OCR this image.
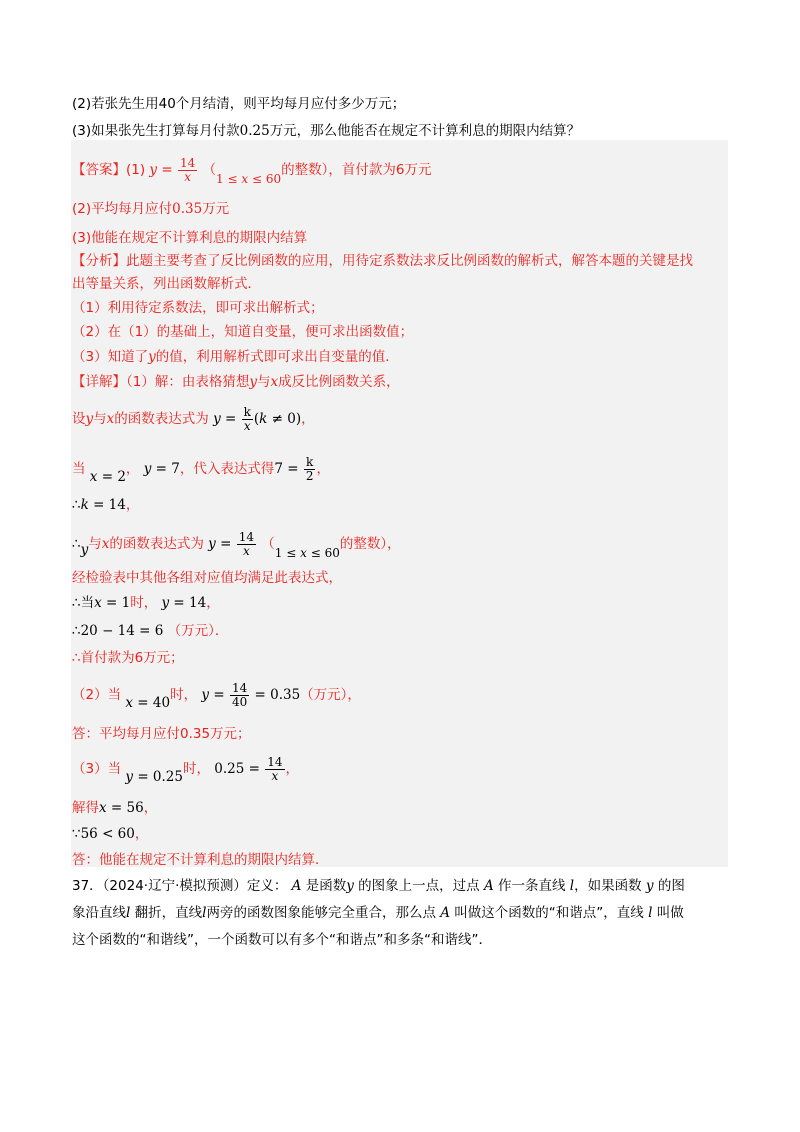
(2)若张先生用40个月结清，则平均每月应付多少万元；
(3)如果张先生打算每月付款0.25万元，那么他能否在规定不计算利息的期限内结算？
【答案】(1) $y = \frac{14}{x} (1 \le x \le 60$的整数），首付款为6万元
(2)平均每月应付0.35万元
(3)他能在规定不计算利息的期限内结算
【分析】此题主要考查了反比例函数的应用，用待定系数法求反比例函数的解析式，解答本题的关键是找
出等量关系，列出函数解析式．
（1）利用待定系数法，即可求出解析式；
（2）在（1）的基础上，知道自变量，便可求出函数值；
（3）知道了y的值，利用解析式即可求出自变量的值．
【详解】（1）解：由表格猜想y与x成反比例函数关系，
设y与x的函数表达式为 $y = \frac{k}{x} (k \ne 0)$，
当 x = 2， y = 7，代入表达式得$7 = \frac{k}{2}$ ，
∴k = 14，
∴y与x的函数表达式为 $y = \frac{14}{x} (1 \le x \le 60$的整数），
经检验表中其他各组对应值均满足此表达式，
∴当x = 1时， y = 14，
∴20 − 14 = 6 （万元）．
∴首付款为6万元；
（2）当 x = 40时， $y = \frac{14}{40} = 0.35$（万元），
答：平均每月应付0.35万元；
（3）当 y = 0.25时， $0.25 = \frac{14}{x}$ ，
解得x = 56，
∵56 < 60，
答：他能在规定不计算利息的期限内结算．
37．（2024·辽宁·模拟预测）定义： A 是函数y 的图象上一点，过点 A 作一条直线 l，如果函数 y 的图
象沿直线l 翻折，直线l两旁的函数图象能够完全重合，那么点 A 叫做这个函数的“和谐点”，直线 l 叫做
这个函数的“和谐线”，一个函数可以有多个“和谐点”和多条“和谐线”．
